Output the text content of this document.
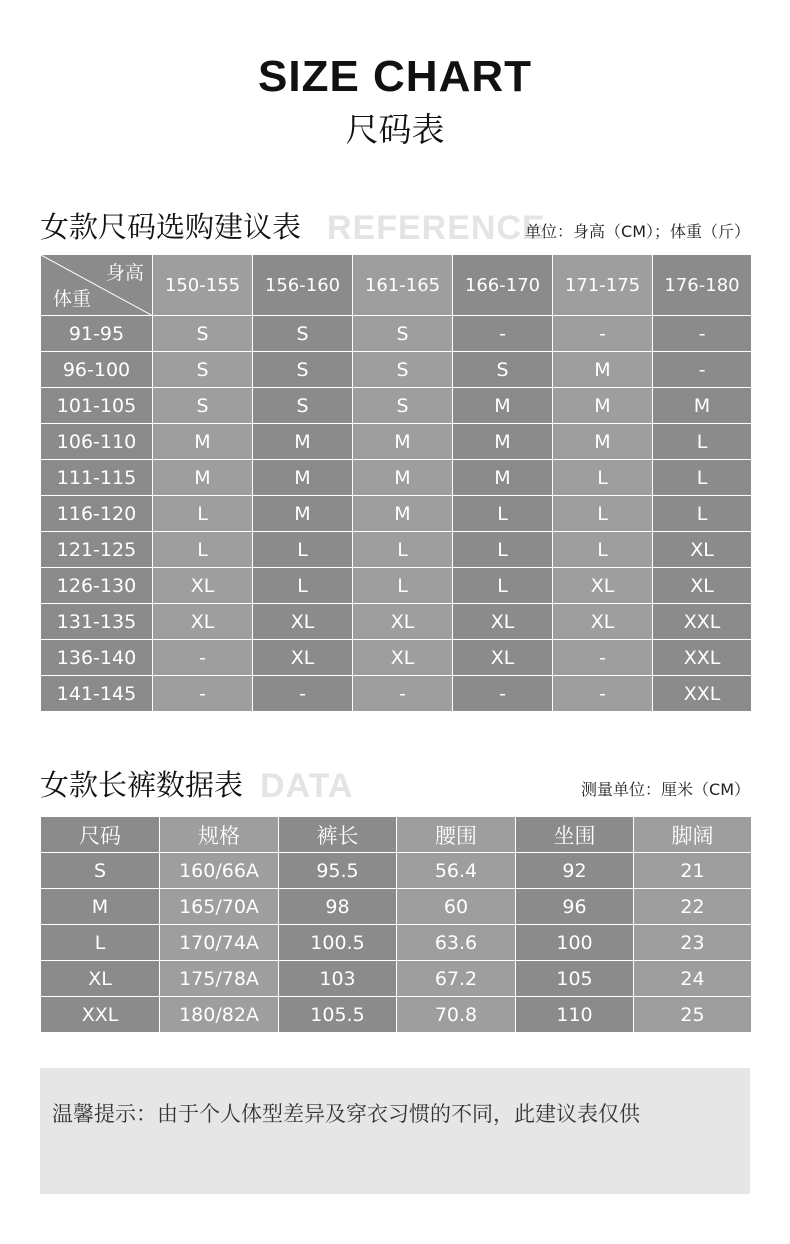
SIZE CHART
尺码表
女款尺码选购建议表 REFERENCE
单位：身高（CM）；体重（斤）
身高
体重	150-155	156-160	161-165	166-170	171-175	176-180
91-95	S	S	S	-	-	-
96-100	S	S	S	S	M	-
101-105	S	S	S	M	M	M
106-110	M	M	M	M	M	L
111-115	M	M	M	M	L	L
116-120	L	M	M	L	L	L
121-125	L	L	L	L	L	XL
126-130	XL	L	L	L	XL	XL
131-135	XL	XL	XL	XL	XL	XXL
136-140	-	XL	XL	XL	-	XXL
141-145	-	-	-	-	-	XXL
女款长裤数据表 DATA	测量单位：厘米（CM）
尺码	规格	裤长	腰围	坐围	脚阔
S	160/66A	95.5	56.4	92	21
M	165/70A	98	60	96	22
L	170/74A	100.5	63.6	100	23
XL	175/78A	103	67.2	105	24
XXL	180/82A	105.5	70.8	110	25
温馨提示：由于个人体型差异及穿衣习惯的不同，此建议表仅供
